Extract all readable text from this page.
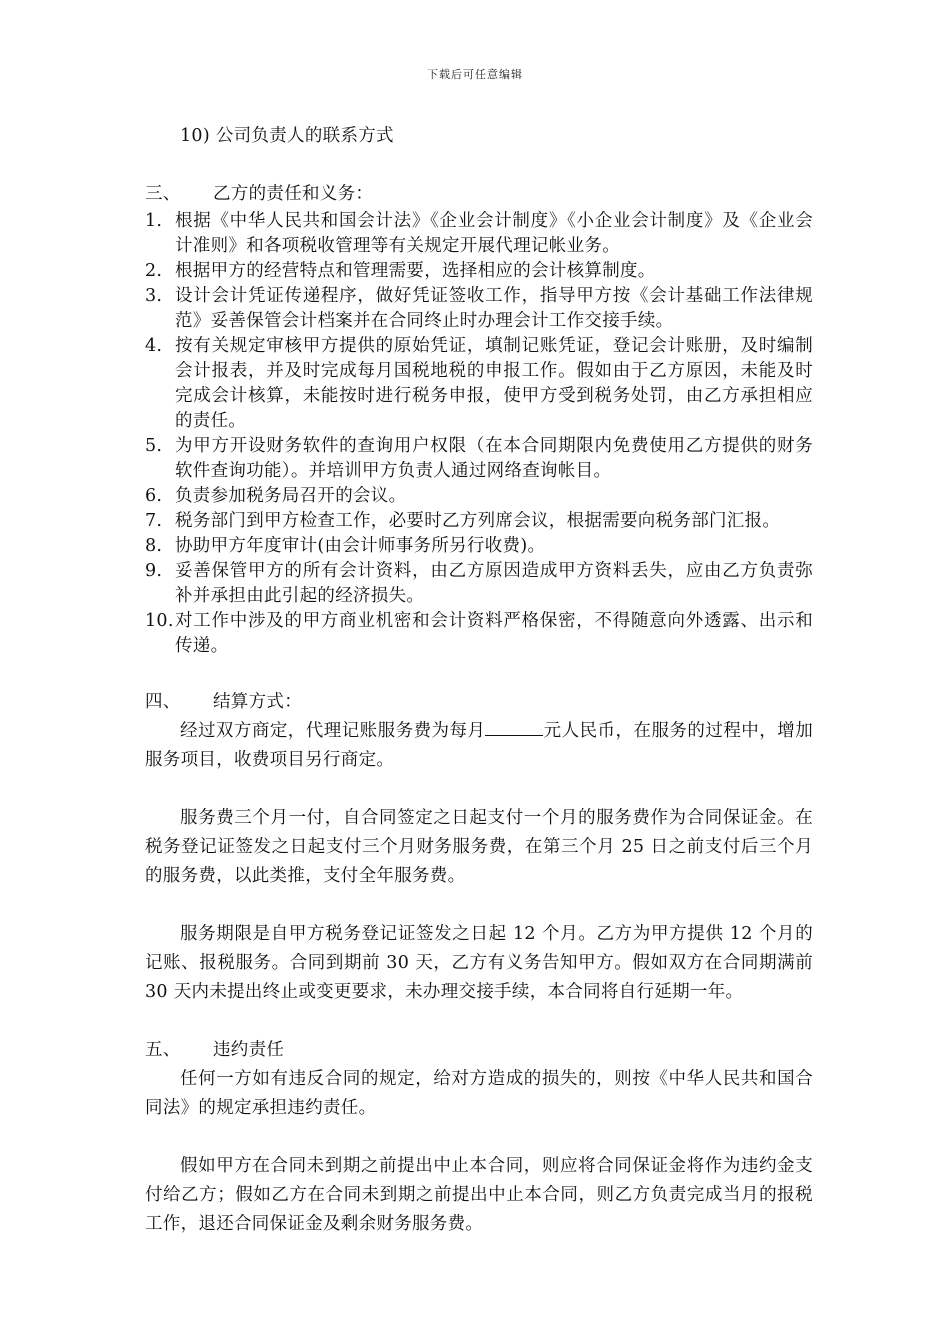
下载后可任意编辑
10) 公司负责人的联系方式
三、	乙方的责任和义务：
1. 根据《中华人民共和国会计法》《企业会计制度》《小企业会计制度》及《企业会计准则》和各项税收管理等有关规定开展代理记帐业务。
2. 根据甲方的经营特点和管理需要，选择相应的会计核算制度。
3. 设计会计凭证传递程序，做好凭证签收工作，指导甲方按《会计基础工作法律规范》妥善保管会计档案并在合同终止时办理会计工作交接手续。
4. 按有关规定审核甲方提供的原始凭证，填制记账凭证，登记会计账册，及时编制会计报表，并及时完成每月国税地税的申报工作。假如由于乙方原因，未能及时完成会计核算，未能按时进行税务申报，使甲方受到税务处罚，由乙方承担相应的责任。
5. 为甲方开设财务软件的查询用户权限（在本合同期限内免费使用乙方提供的财务软件查询功能）。并培训甲方负责人通过网络查询帐目。
6. 负责参加税务局召开的会议。
7. 税务部门到甲方检查工作，必要时乙方列席会议，根据需要向税务部门汇报。
8. 协助甲方年度审计(由会计师事务所另行收费)。
9. 妥善保管甲方的所有会计资料，由乙方原因造成甲方资料丢失，应由乙方负责弥补并承担由此引起的经济损失。
10. 对工作中涉及的甲方商业机密和会计资料严格保密，不得随意向外透露、出示和传递。
四、	结算方式：

经过双方商定，代理记账服务费为每月	元人民币，在服务的过程中，增加服务项目，收费项目另行商定。

服务费三个月一付，自合同签定之日起支付一个月的服务费作为合同保证金。在税务登记证签发之日起支付三个月财务服务费，在第三个月 25 日之前支付后三个月的服务费，以此类推，支付全年服务费。

服务期限是自甲方税务登记证签发之日起 12 个月。乙方为甲方提供 12 个月的记账、报税服务。合同到期前 30 天，乙方有义务告知甲方。假如双方在合同期满前 30 天内未提出终止或变更要求，未办理交接手续，本合同将自行延期一年。

五、	违约责任

任何一方如有违反合同的规定，给对方造成的损失的，则按《中华人民共和国合同法》的规定承担违约责任。

假如甲方在合同未到期之前提出中止本合同，则应将合同保证金将作为违约金支付给乙方；假如乙方在合同未到期之前提出中止本合同，则乙方负责完成当月的报税工作，退还合同保证金及剩余财务服务费。
